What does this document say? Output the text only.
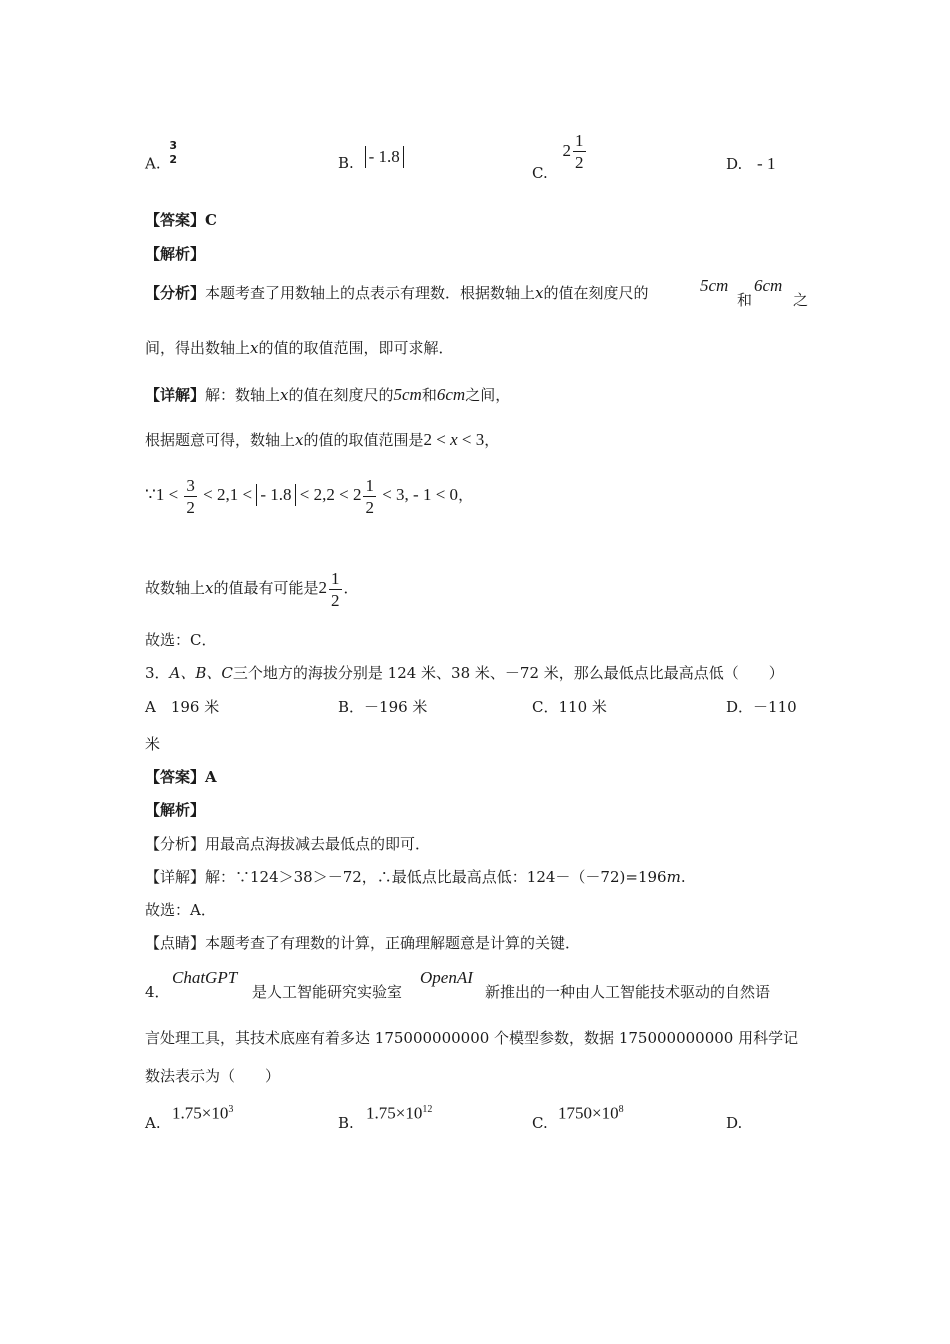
A.
3
2	B. - 1.8
C. $2 \frac{1}{2}$	D. - 1
【答案】C
【解析】
【分析】本题考查了用数轴上的点表示有理数．根据数轴上x的值在刻度尺的	5cm
和
6cm
之
间，得出数轴上x的值的取值范围，即可求解．
【详解】解：数轴上x的值在刻度尺的5cm和6cm之间，
根据题意可得，数轴上x的值的取值范围是2 < x < 3，
∵1 < $\frac{3}{2} < 2,1$ < - $1.8 < 2,2 < 2 \frac{1}{2} < 3$, - 1 < 0，
故数轴上x的值最有可能是$2 \frac{1}{2}$ ．
故选：C．
3．A、B、C三个地方的海拔分别是 124 米、38 米、－72 米，那么最低点比最高点低（　　）
A　196 米	B．－196 米	C．110 米	D．－110
米
【答案】A
【解析】
【分析】用最高点海拔减去最低点的即可．
【详解】解：∵124＞38＞－72，∴最低点比最高点低：124－（－72)=196m.
故选：A．
【点睛】本题考查了有理数的计算，正确理解题意是计算的关键．
4．
ChatGPT
是人工智能研究实验室
OpenAI
新推出的一种由人工智能技术驱动的自然语
言处理工具，其技术底座有着多达 175000000000 个模型参数，数据 175000000000 用科学记
数法表示为（　　）
A.
$1.75\times 10^3$
B.
$1.75\times 10^{12}$
C.
$1750\times 10^8$
D.
